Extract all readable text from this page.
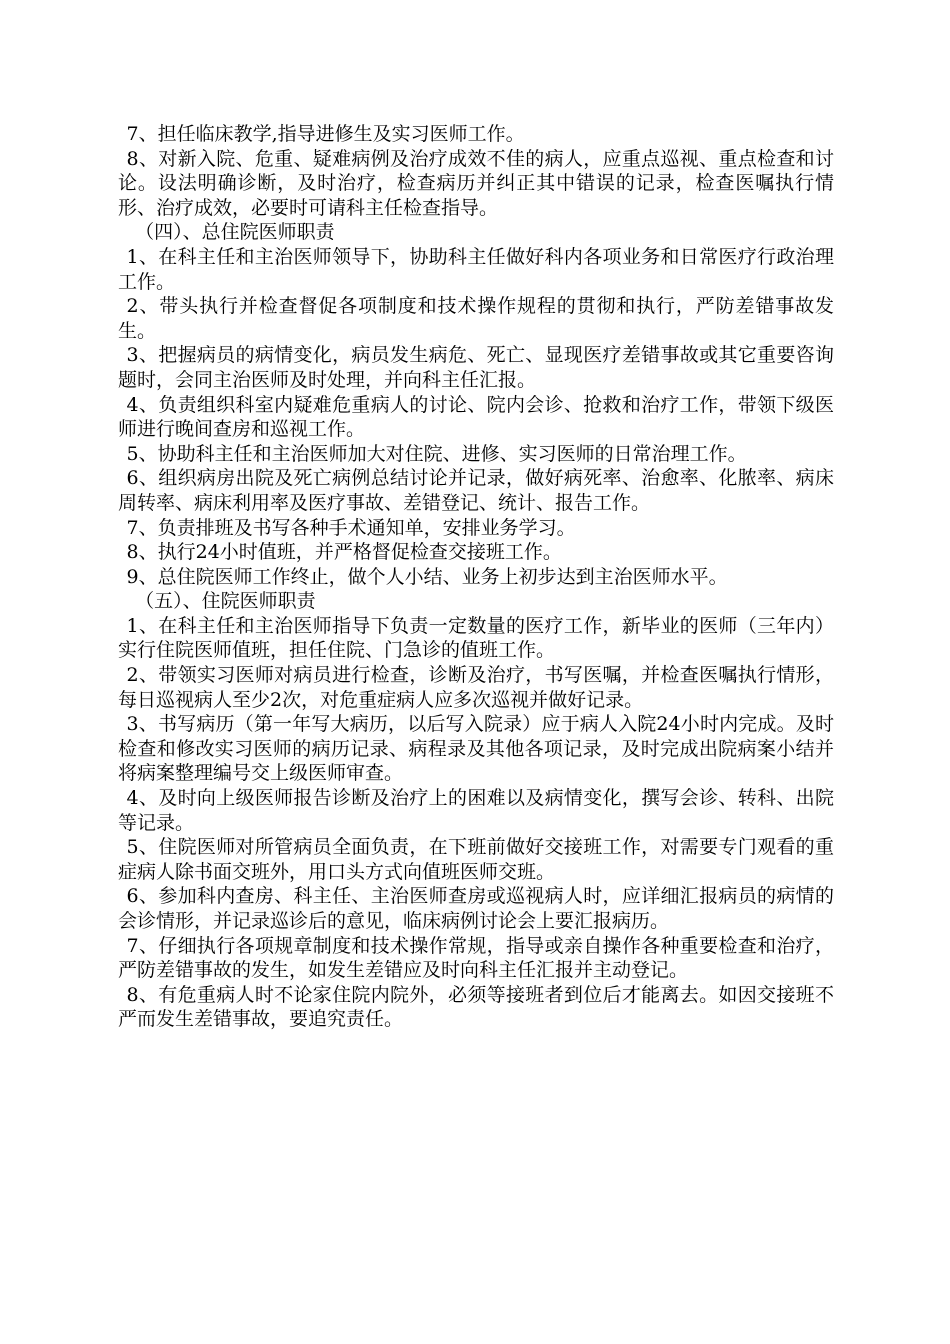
7、担任临床教学,指导进修生及实习医师工作。

8、对新入院、危重、疑难病例及治疗成效不佳的病人，应重点巡视、重点检查和讨论。设法明确诊断，及时治疗，检查病历并纠正其中错误的记录，检查医嘱执行情形、治疗成效，必要时可请科主任检查指导。

（四）、总住院医师职责

1、在科主任和主治医师领导下，协助科主任做好科内各项业务和日常医疗行政治理工作。

2、带头执行并检查督促各项制度和技术操作规程的贯彻和执行，严防差错事故发生。

3、把握病员的病情变化，病员发生病危、死亡、显现医疗差错事故或其它重要咨询题时，会同主治医师及时处理，并向科主任汇报。

4、负责组织科室内疑难危重病人的讨论、院内会诊、抢救和治疗工作，带领下级医师进行晚间查房和巡视工作。

5、协助科主任和主治医师加大对住院、进修、实习医师的日常治理工作。

6、组织病房出院及死亡病例总结讨论并记录，做好病死率、治愈率、化脓率、病床周转率、病床利用率及医疗事故、差错登记、统计、报告工作。

7、负责排班及书写各种手术通知单，安排业务学习。

8、执行24小时值班，并严格督促检查交接班工作。

9、总住院医师工作终止，做个人小结、业务上初步达到主治医师水平。

（五）、住院医师职责

1、在科主任和主治医师指导下负责一定数量的医疗工作，新毕业的医师（三年内）实行住院医师值班，担任住院、门急诊的值班工作。

2、带领实习医师对病员进行检查，诊断及治疗，书写医嘱，并检查医嘱执行情形，每日巡视病人至少2次，对危重症病人应多次巡视并做好记录。

3、书写病历（第一年写大病历，以后写入院录）应于病人入院24小时内完成。及时检查和修改实习医师的病历记录、病程录及其他各项记录，及时完成出院病案小结并将病案整理编号交上级医师审查。

4、及时向上级医师报告诊断及治疗上的困难以及病情变化，撰写会诊、转科、出院等记录。

5、住院医师对所管病员全面负责，在下班前做好交接班工作，对需要专门观看的重症病人除书面交班外，用口头方式向值班医师交班。

6、参加科内查房、科主任、主治医师查房或巡视病人时，应详细汇报病员的病情的会诊情形，并记录巡诊后的意见，临床病例讨论会上要汇报病历。

7、仔细执行各项规章制度和技术操作常规，指导或亲自操作各种重要检查和治疗，严防差错事故的发生，如发生差错应及时向科主任汇报并主动登记。

8、有危重病人时不论家住院内院外，必须等接班者到位后才能离去。如因交接班不严而发生差错事故，要追究责任。
